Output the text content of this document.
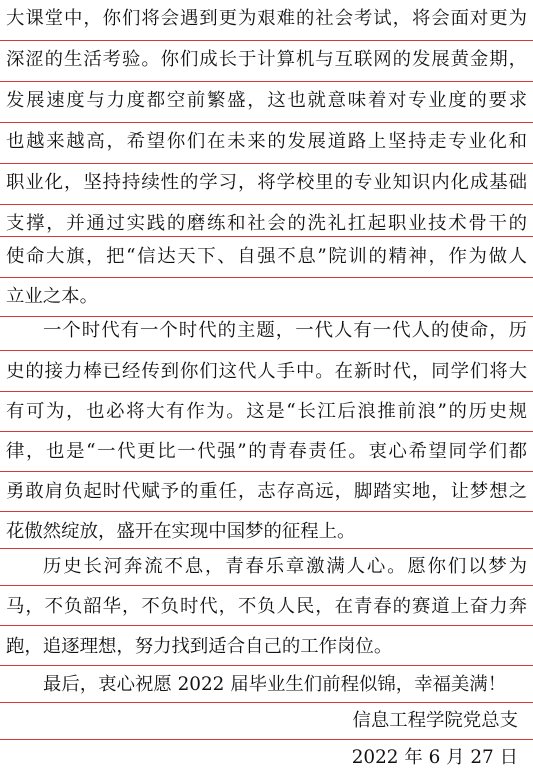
大课堂中，你们将会遇到更为艰难的社会考试，将会面对更为
深涩的生活考验。你们成长于计算机与互联网的发展黄金期，
发展速度与力度都空前繁盛，这也就意味着对专业度的要求
也越来越高，希望你们在未来的发展道路上坚持走专业化和
职业化，坚持持续性的学习，将学校里的专业知识内化成基础
支撑，并通过实践的磨练和社会的洗礼扛起职业技术骨干的
使命大旗，把“信达天下、自强不息”院训的精神，作为做人
立业之本。
一个时代有一个时代的主题，一代人有一代人的使命，历
史的接力棒已经传到你们这代人手中。在新时代，同学们将大
有可为，也必将大有作为。这是“长江后浪推前浪”的历史规
律，也是“一代更比一代强”的青春责任。衷心希望同学们都
勇敢肩负起时代赋予的重任，志存高远，脚踏实地，让梦想之
花傲然绽放，盛开在实现中国梦的征程上。
历史长河奔流不息，青春乐章激满人心。愿你们以梦为
马，不负韶华，不负时代，不负人民，在青春的赛道上奋力奔
跑，追逐理想，努力找到适合自己的工作岗位。
最后，衷心祝愿 2022 届毕业生们前程似锦，幸福美满！
信息工程学院党总支
2022 年 6 月 27 日
